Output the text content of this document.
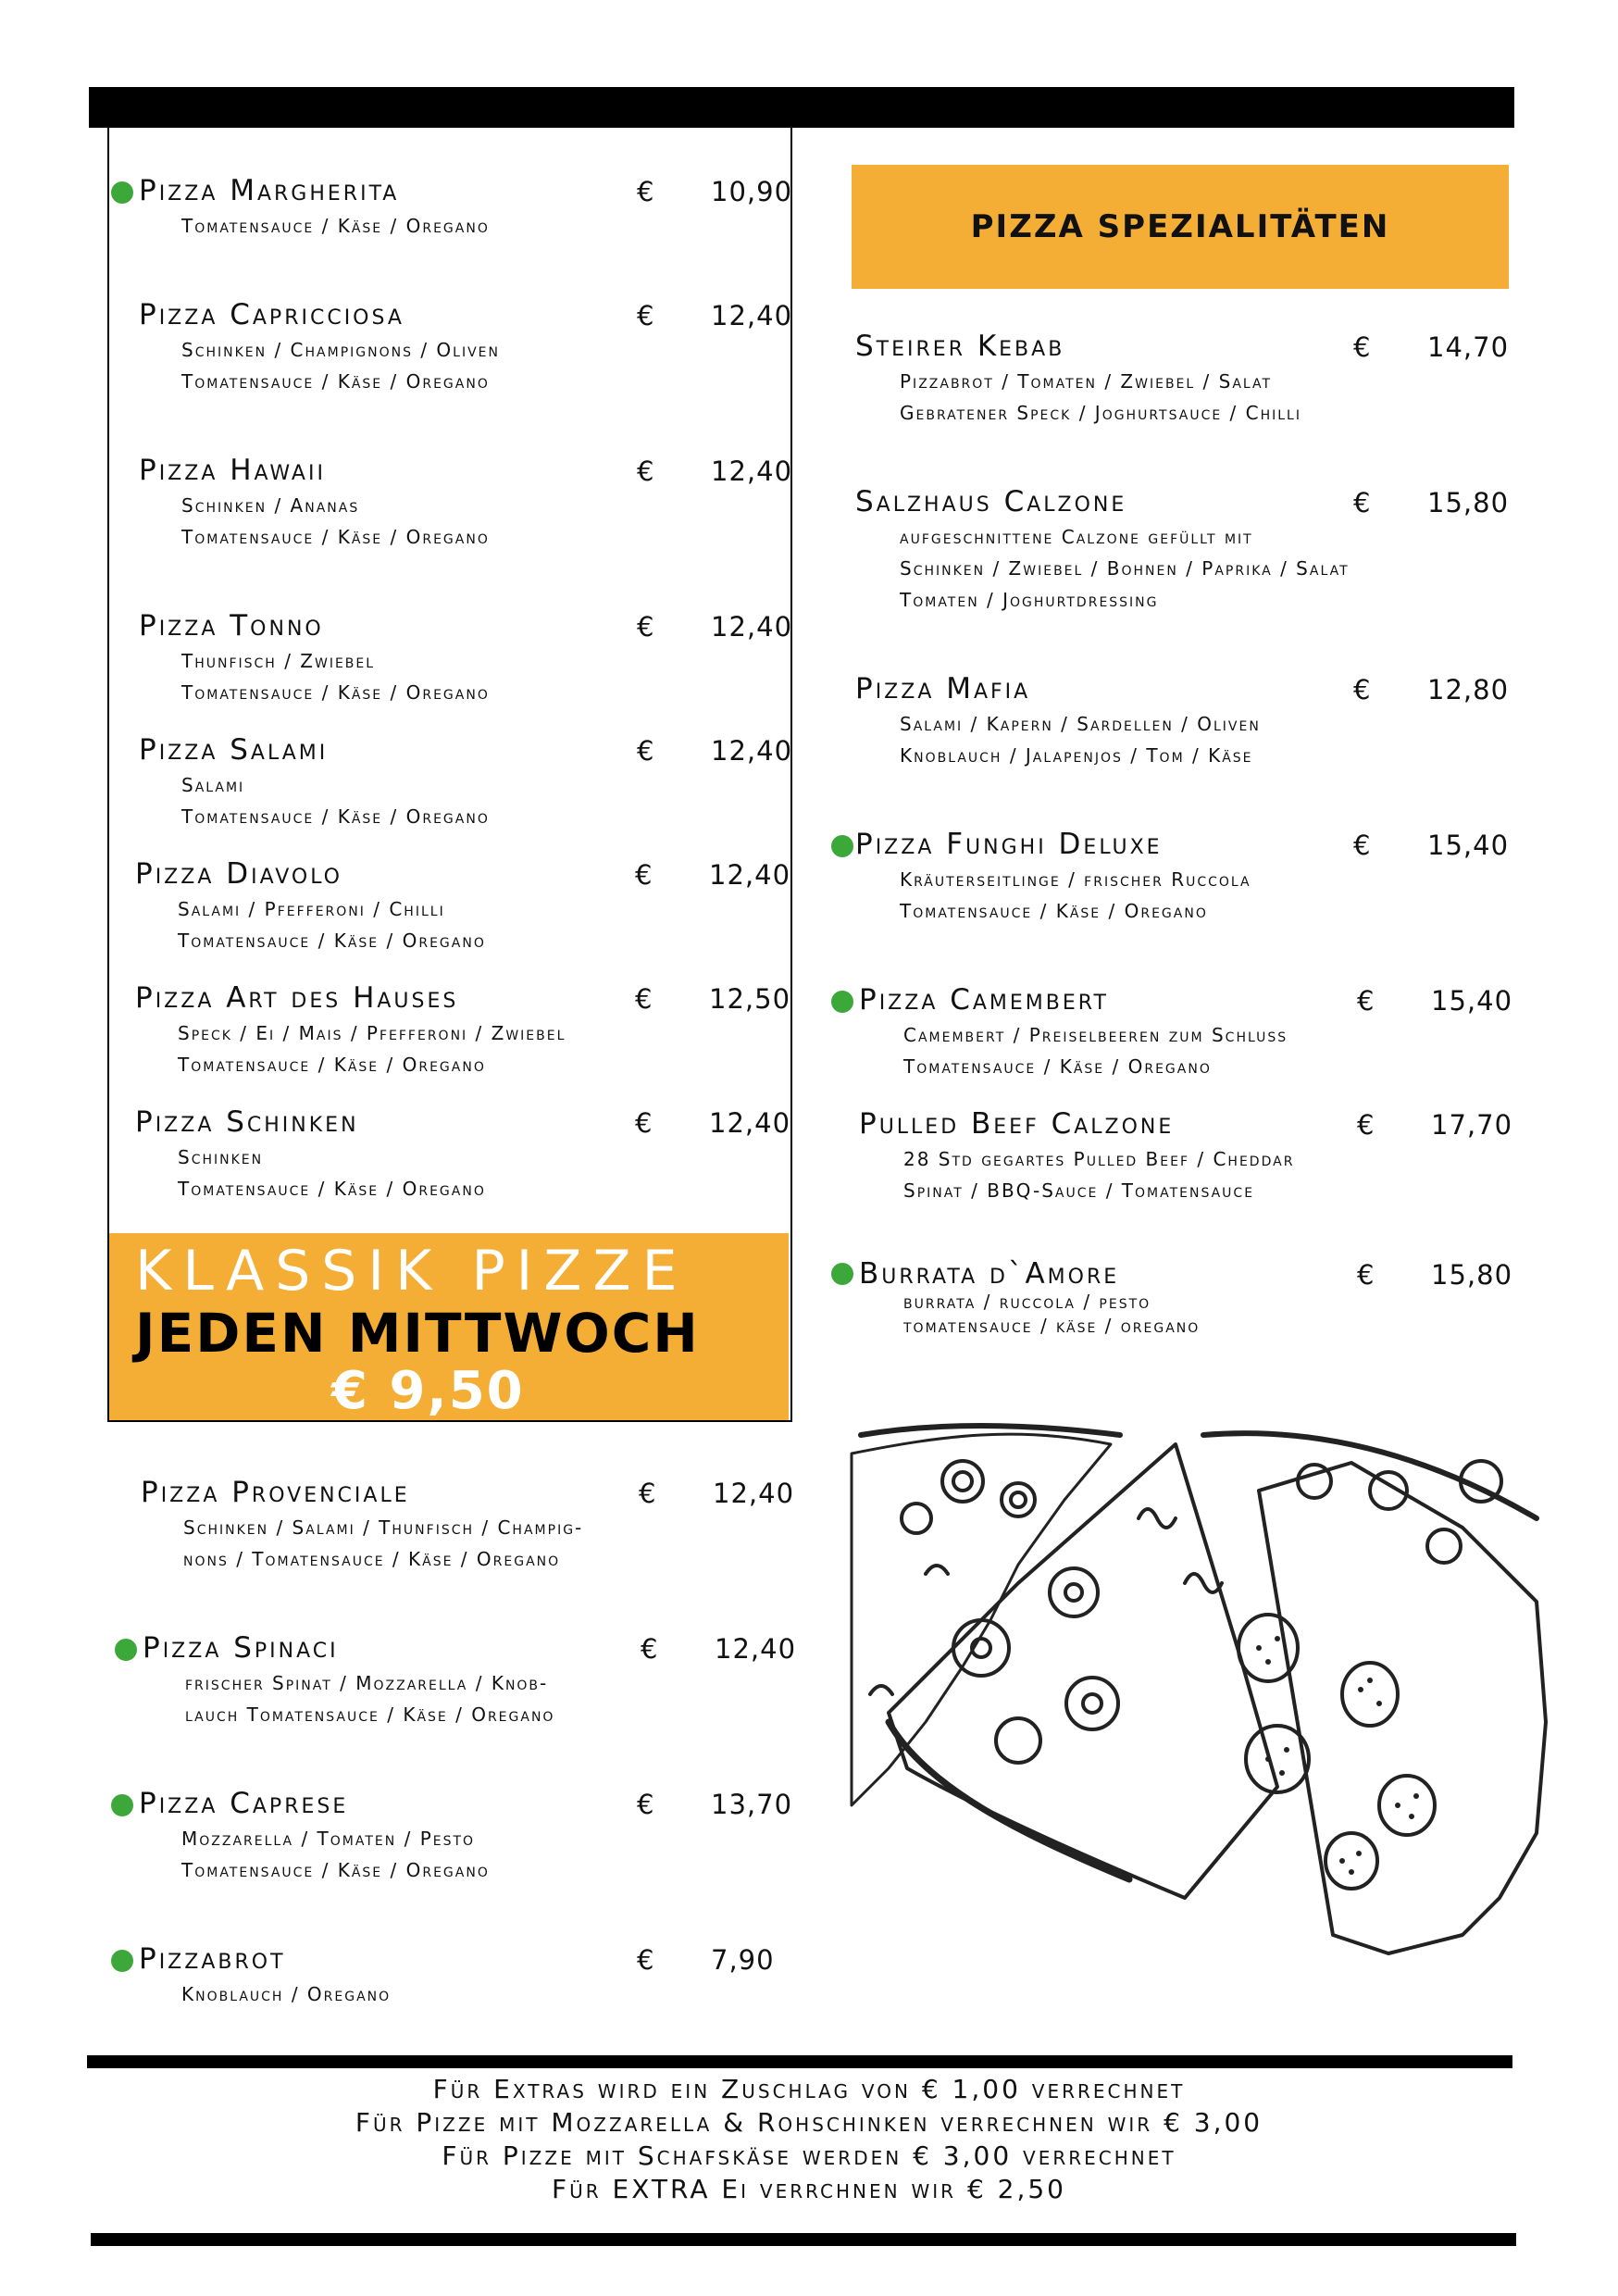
Pizza Margherita	€ 10,90
Tomatensauce / Käse / Oregano
Pizza Capricciosa	€ 12,40
Schinken / Champignons / Oliven
Tomatensauce / Käse / Oregano
Pizza Hawaii	€ 12,40
Schinken / Ananas
Tomatensauce / Käse / Oregano
Pizza Tonno	€ 12,40
Thunfisch / Zwiebel
Tomatensauce / Käse / Oregano
Pizza Salami	€ 12,40
Salami
Tomatensauce / Käse / Oregano
Pizza Diavolo	€ 12,40
Salami / Pfefferoni / Chilli
Tomatensauce / Käse / Oregano
Pizza Art des Hauses	€ 12,50
Speck / Ei / Mais / Pfefferoni / Zwiebel
Tomatensauce / Käse / Oregano
Pizza Schinken	€ 12,40
Schinken
Tomatensauce / Käse / Oregano
KLASSIK PIZZE
JEDEN MITTWOCH
€ 9,50
Pizza Provenciale	€ 12,40
Schinken / Salami / Thunfisch / Champig-
nons / Tomatensauce / Käse / Oregano
Pizza Spinaci	€ 12,40
frischer Spinat / Mozzarella / Knob-
lauch Tomatensauce / Käse / Oregano
Pizza Caprese	€ 13,70
Mozzarella / Tomaten / Pesto
Tomatensauce / Käse / Oregano
Pizzabrot	€ 7,90
Knoblauch / Oregano
PIZZA SPEZIALITÄTEN
Steirer Kebab	€ 14,70
Pizzabrot / Tomaten / Zwiebel / Salat
Gebratener Speck / Joghurtsauce / Chilli
Salzhaus Calzone	€ 15,80
aufgeschnittene Calzone gefüllt mit
Schinken / Zwiebel / Bohnen / Paprika / Salat
Tomaten / Joghurtdressing
Pizza Mafia	€ 12,80
Salami / Kapern / Sardellen / Oliven
Knoblauch / Jalapenjos / Tom / Käse
Pizza Funghi Deluxe	€ 15,40
Kräuterseitlinge / frischer Ruccola
Tomatensauce / Käse / Oregano
Pizza Camembert	€ 15,40
Camembert / Preiselbeeren zum Schluss
Tomatensauce / Käse / Oregano
Pulled Beef Calzone	€ 17,70
28 Std gegartes Pulled Beef / Cheddar
Spinat / BBQ-Sauce / Tomatensauce
Burrata d`Amore	€ 15,80
burrata / ruccola / pesto
tomatensauce / käse / oregano
Für Extras wird ein Zuschlag von € 1,00 verrechnet
Für Pizze mit Mozzarella & Rohschinken verrechnen wir € 3,00
Für Pizze mit Schafskäse werden € 3,00 verrechnet
Für EXTRA Ei verrchnen wir € 2,50
